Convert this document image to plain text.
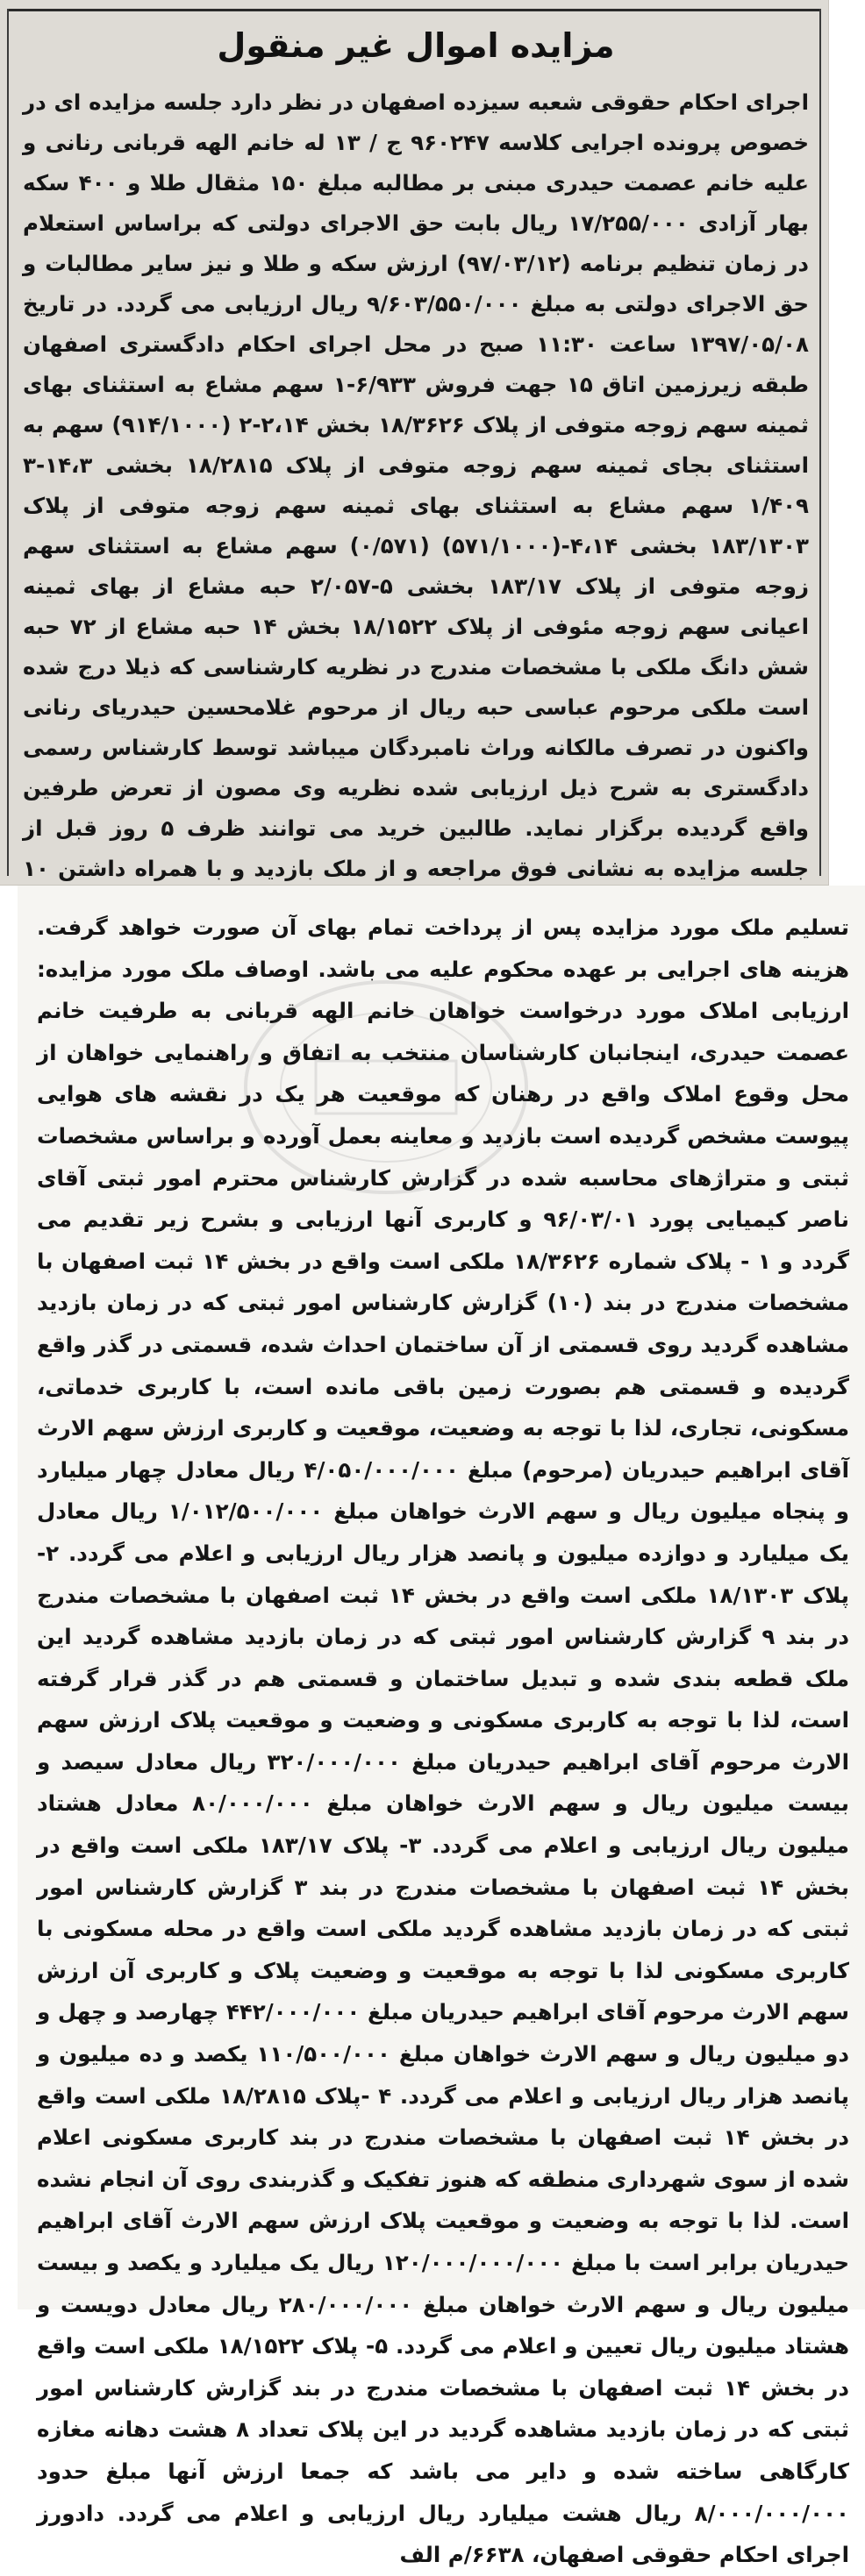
مزایده اموال غیر منقول

اجرای احکام حقوقی شعبه سیزده اصفهان در نظر دارد جلسه مزایده ای در خصوص پرونده اجرایی کلاسه ۹۶۰۲۴۷ ج / ۱۳ له خانم الهه قربانی رنانی و علیه خانم عصمت حیدری مبنی بر مطالبه مبلغ ۱۵۰ مثقال طلا و ۴۰۰ سکه بهار آزادی ۱۷/۲۵۵/۰۰۰ ریال بابت حق الاجرای دولتی که براساس استعلام در زمان تنظیم برنامه (۹۷/۰۳/۱۲) ارزش سکه و طلا و نیز سایر مطالبات و حق الاجرای دولتی به مبلغ ۹/۶۰۳/۵۵۰/۰۰۰ ریال ارزیابی می گردد. در تاریخ ۱۳۹۷/۰۵/۰۸ ساعت ۱۱:۳۰ صبح در محل اجرای احکام دادگستری اصفهان طبقه زیرزمین اتاق ۱۵ جهت فروش ۶/۹۳۳-۱ سهم مشاع به استثنای بهای ثمینه سهم زوجه متوفی از پلاک ۱۸/۳۶۲۶ بخش ۲،۱۴-۲ (۹۱۴/۱۰۰۰) سهم به استثنای بجای ثمینه سهم زوجه متوفی از پلاک ۱۸/۲۸۱۵ بخشی ۱۴،۳-۳ ۱/۴۰۹ سهم مشاع به استثنای بهای ثمینه سهم زوجه متوفی از پلاک ۱۸۳/۱۳۰۳ بخشی ۴،۱۴-(۵۷۱/۱۰۰۰) (۰/۵۷۱) سهم مشاع به استثنای سهم زوجه متوفی از پلاک ۱۸۳/۱۷ بخشی ۵-۲/۰۵۷ حبه مشاع از بهای ثمینه اعیانی سهم زوجه مئوفی از پلاک ۱۸/۱۵۲۲ بخش ۱۴ حبه مشاع از ۷۲ حبه شش دانگ ملکی با مشخصات مندرج در نظریه کارشناسی که ذیلا درج شده است ملکی مرحوم عباسی حبه ریال از مرحوم غلامحسین حیدریای رنانی واکنون در تصرف مالکانه وراث نامبردگان میباشد توسط کارشناس رسمی دادگستری به شرح ذیل ارزیابی شده نظریه وی مصون از تعرض طرفین واقع گردیده برگزار نماید. طالبین خرید می توانند ظرف ۵ روز قبل از جلسه مزایده به نشانی فوق مراجعه و از ملک بازدید و با همراه داشتن ۱۰

تسلیم ملک مورد مزایده پس از پرداخت تمام بهای آن صورت خواهد گرفت. هزینه های اجرایی بر عهده محکوم علیه می باشد. اوصاف ملک مورد مزایده: ارزیابی املاک مورد درخواست خواهان خانم الهه قربانی به طرفیت خانم عصمت حیدری، اینجانبان کارشناسان منتخب به اتفاق و راهنمایی خواهان از محل وقوع املاک واقع در رهنان که موقعیت هر یک در نقشه های هوایی پیوست مشخص گردیده است بازدید و معاینه بعمل آورده و براساس مشخصات ثبتی و متراژهای محاسبه شده در گزارش کارشناس محترم امور ثبتی آقای ناصر کیمیایی پورد ۹۶/۰۳/۰۱ و کاربری آنها ارزیابی و بشرح زیر تقدیم می گردد و ۱ - پلاک شماره ۱۸/۳۶۲۶ ملکی است واقع در بخش ۱۴ ثبت اصفهان با مشخصات مندرج در بند (۱۰) گزارش کارشناس امور ثبتی که در زمان بازدید مشاهده گردید روی قسمتی از آن ساختمان احداث شده، قسمتی در گذر واقع گردیده و قسمتی هم بصورت زمین باقی مانده است، با کاربری خدماتی، مسکونی، تجاری، لذا با توجه به وضعیت، موقعیت و کاربری ارزش سهم الارث آقای ابراهیم حیدریان (مرحوم) مبلغ ۴/۰۵۰/۰۰۰/۰۰۰ ریال معادل چهار میلیارد و پنجاه میلیون ریال و سهم الارث خواهان مبلغ ۱/۰۱۲/۵۰۰/۰۰۰ ریال معادل یک میلیارد و دوازده میلیون و پانصد هزار ریال ارزیابی و اعلام می گردد. ۲- پلاک ۱۸/۱۳۰۳ ملکی است واقع در بخش ۱۴ ثبت اصفهان با مشخصات مندرج در بند ۹ گزارش کارشناس امور ثبتی که در زمان بازدید مشاهده گردید این ملک قطعه بندی شده و تبدیل ساختمان و قسمتی هم در گذر قرار گرفته است، لذا با توجه به کاربری مسکونی و وضعیت و موقعیت پلاک ارزش سهم الارث مرحوم آقای ابراهیم حیدریان مبلغ ۳۲۰/۰۰۰/۰۰۰ ریال معادل سیصد و بیست میلیون ریال و سهم الارث خواهان مبلغ ۸۰/۰۰۰/۰۰۰ معادل هشتاد میلیون ریال ارزیابی و اعلام می گردد. ۳- پلاک ۱۸۳/۱۷ ملکی است واقع در بخش ۱۴ ثبت اصفهان با مشخصات مندرج در بند ۳ گزارش کارشناس امور ثبتی که در زمان بازدید مشاهده گردید ملکی است واقع در محله مسکونی با کاربری مسکونی لذا با توجه به موقعیت و وضعیت پلاک و کاربری آن ارزش سهم الارث مرحوم آقای ابراهیم حیدریان مبلغ ۴۴۲/۰۰۰/۰۰۰ چهارصد و چهل و دو میلیون ریال و سهم الارث خواهان مبلغ ۱۱۰/۵۰۰/۰۰۰ یکصد و ده میلیون و پانصد هزار ریال ارزیابی و اعلام می گردد. ۴ -پلاک ۱۸/۲۸۱۵ ملکی است واقع در بخش ۱۴ ثبت اصفهان با مشخصات مندرج در بند کاربری مسکونی اعلام شده از سوی شهرداری منطقه که هنوز تفکیک و گذربندی روی آن انجام نشده است. لذا با توجه به وضعیت و موقعیت پلاک ارزش سهم الارث آقای ابراهیم حیدریان برابر است با مبلغ ۱۲۰/۰۰۰/۰۰۰/۰۰۰ ریال یک میلیارد و یکصد و بیست میلیون ریال و سهم الارث خواهان مبلغ ۲۸۰/۰۰۰/۰۰۰ ریال معادل دویست و هشتاد میلیون ریال تعیین و اعلام می گردد. ۵- پلاک ۱۸/۱۵۲۲ ملکی است واقع در بخش ۱۴ ثبت اصفهان با مشخصات مندرج در بند گزارش کارشناس امور ثبتی که در زمان بازدید مشاهده گردید در این پلاک تعداد ۸ هشت دهانه مغازه کارگاهی ساخته شده و دایر می باشد که جمعا ارزش آنها مبلغ حدود ۸/۰۰۰/۰۰۰/۰۰۰ ریال هشت میلیارد ریال ارزیابی و اعلام می گردد. دادورز اجرای احکام حقوقی اصفهان، ۶۶۳۸/م الف
